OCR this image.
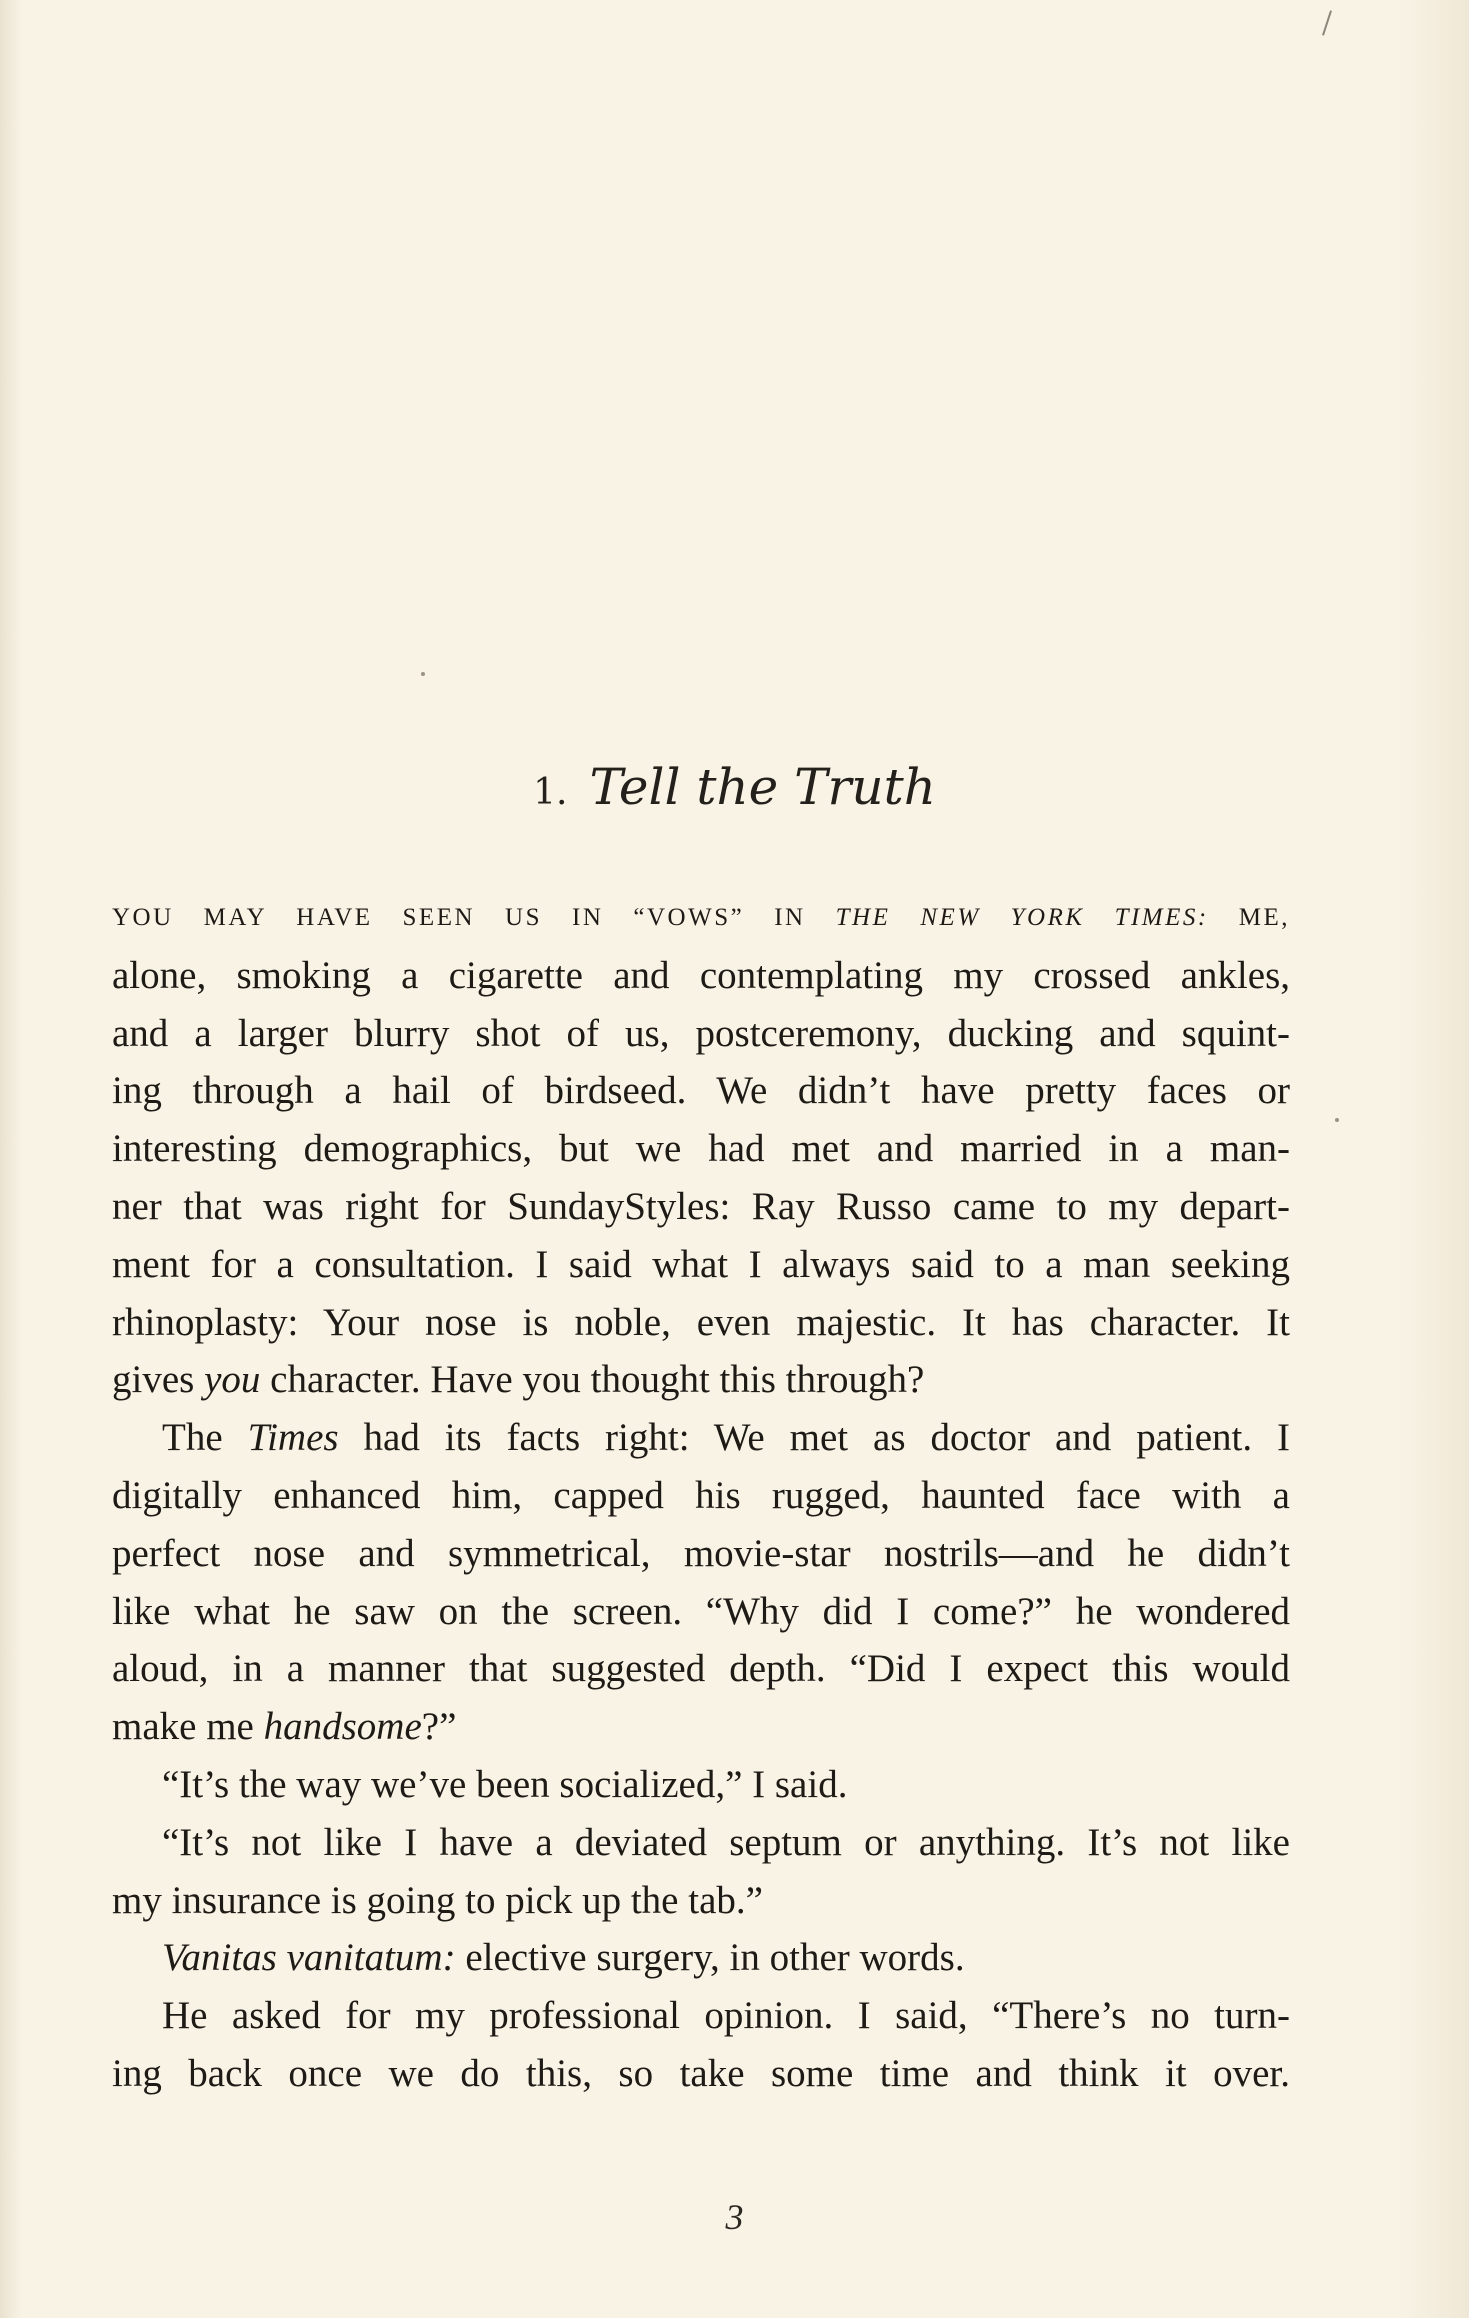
1. Tell the Truth
YOU MAY HAVE SEEN US IN “VOWS” IN THE NEW YORK TIMES: ME,
alone, smoking a cigarette and contemplating my crossed ankles,
and a larger blurry shot of us, postceremony, ducking and squint-
ing through a hail of birdseed. We didn’t have pretty faces or
interesting demographics, but we had met and married in a man-
ner that was right for SundayStyles: Ray Russo came to my depart-
ment for a consultation. I said what I always said to a man seeking
rhinoplasty: Your nose is noble, even majestic. It has character. It
gives you character. Have you thought this through?
The Times had its facts right: We met as doctor and patient. I
digitally enhanced him, capped his rugged, haunted face with a
perfect nose and symmetrical, movie-star nostrils—and he didn’t
like what he saw on the screen. “Why did I come?” he wondered
aloud, in a manner that suggested depth. “Did I expect this would
make me handsome?”
“It’s the way we’ve been socialized,” I said.
“It’s not like I have a deviated septum or anything. It’s not like
my insurance is going to pick up the tab.”
Vanitas vanitatum: elective surgery, in other words.
He asked for my professional opinion. I said, “There’s no turn-
ing back once we do this, so take some time and think it over.
3
